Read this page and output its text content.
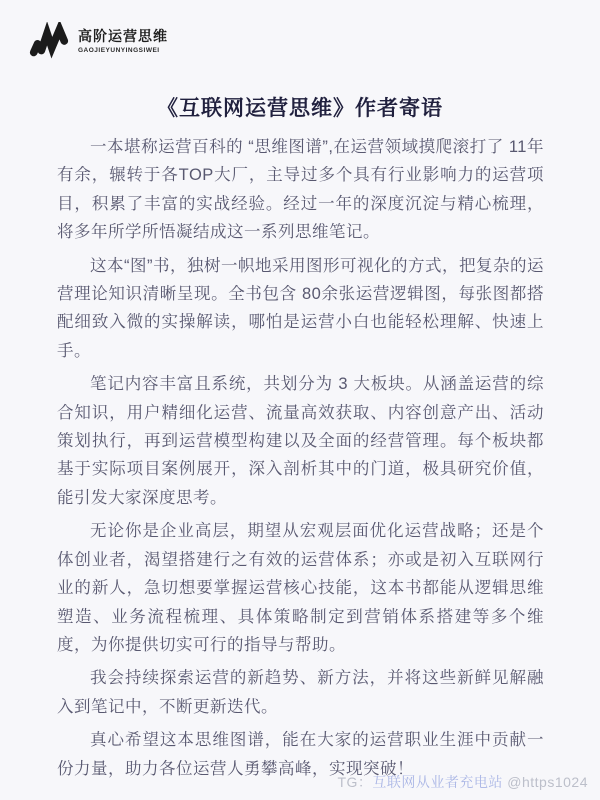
高阶运营思维
GAOJIEYUNYINGSIWEI
《互联网运营思维》作者寄语

一本堪称运营百科的 “思维图谱”,在运营领域摸爬滚打了 11年有余，辗转于各TOP大厂，主导过多个具有行业影响力的运营项目，积累了丰富的实战经验。经过一年的深度沉淀与精心梳理，将多年所学所悟凝结成这一系列思维笔记。

这本“图”书，独树一帜地采用图形可视化的方式，把复杂的运营理论知识清晰呈现。全书包含 80余张运营逻辑图，每张图都搭配细致入微的实操解读，哪怕是运营小白也能轻松理解、快速上手。

笔记内容丰富且系统，共划分为 3 大板块。从涵盖运营的综合知识，用户精细化运营、流量高效获取、内容创意产出、活动策划执行，再到运营模型构建以及全面的经营管理。每个板块都基于实际项目案例展开，深入剖析其中的门道，极具研究价值，能引发大家深度思考。

无论你是企业高层，期望从宏观层面优化运营战略；还是个体创业者，渴望搭建行之有效的运营体系；亦或是初入互联网行业的新人，急切想要掌握运营核心技能，这本书都能从逻辑思维塑造、业务流程梳理、具体策略制定到营销体系搭建等多个维度，为你提供切实可行的指导与帮助。

我会持续探索运营的新趋势、新方法，并将这些新鲜见解融入到笔记中，不断更新迭代。

真心希望这本思维图谱，能在大家的运营职业生涯中贡献一份力量，助力各位运营人勇攀高峰，实现突破！

TG：互联网从业者充电站 @https1024
